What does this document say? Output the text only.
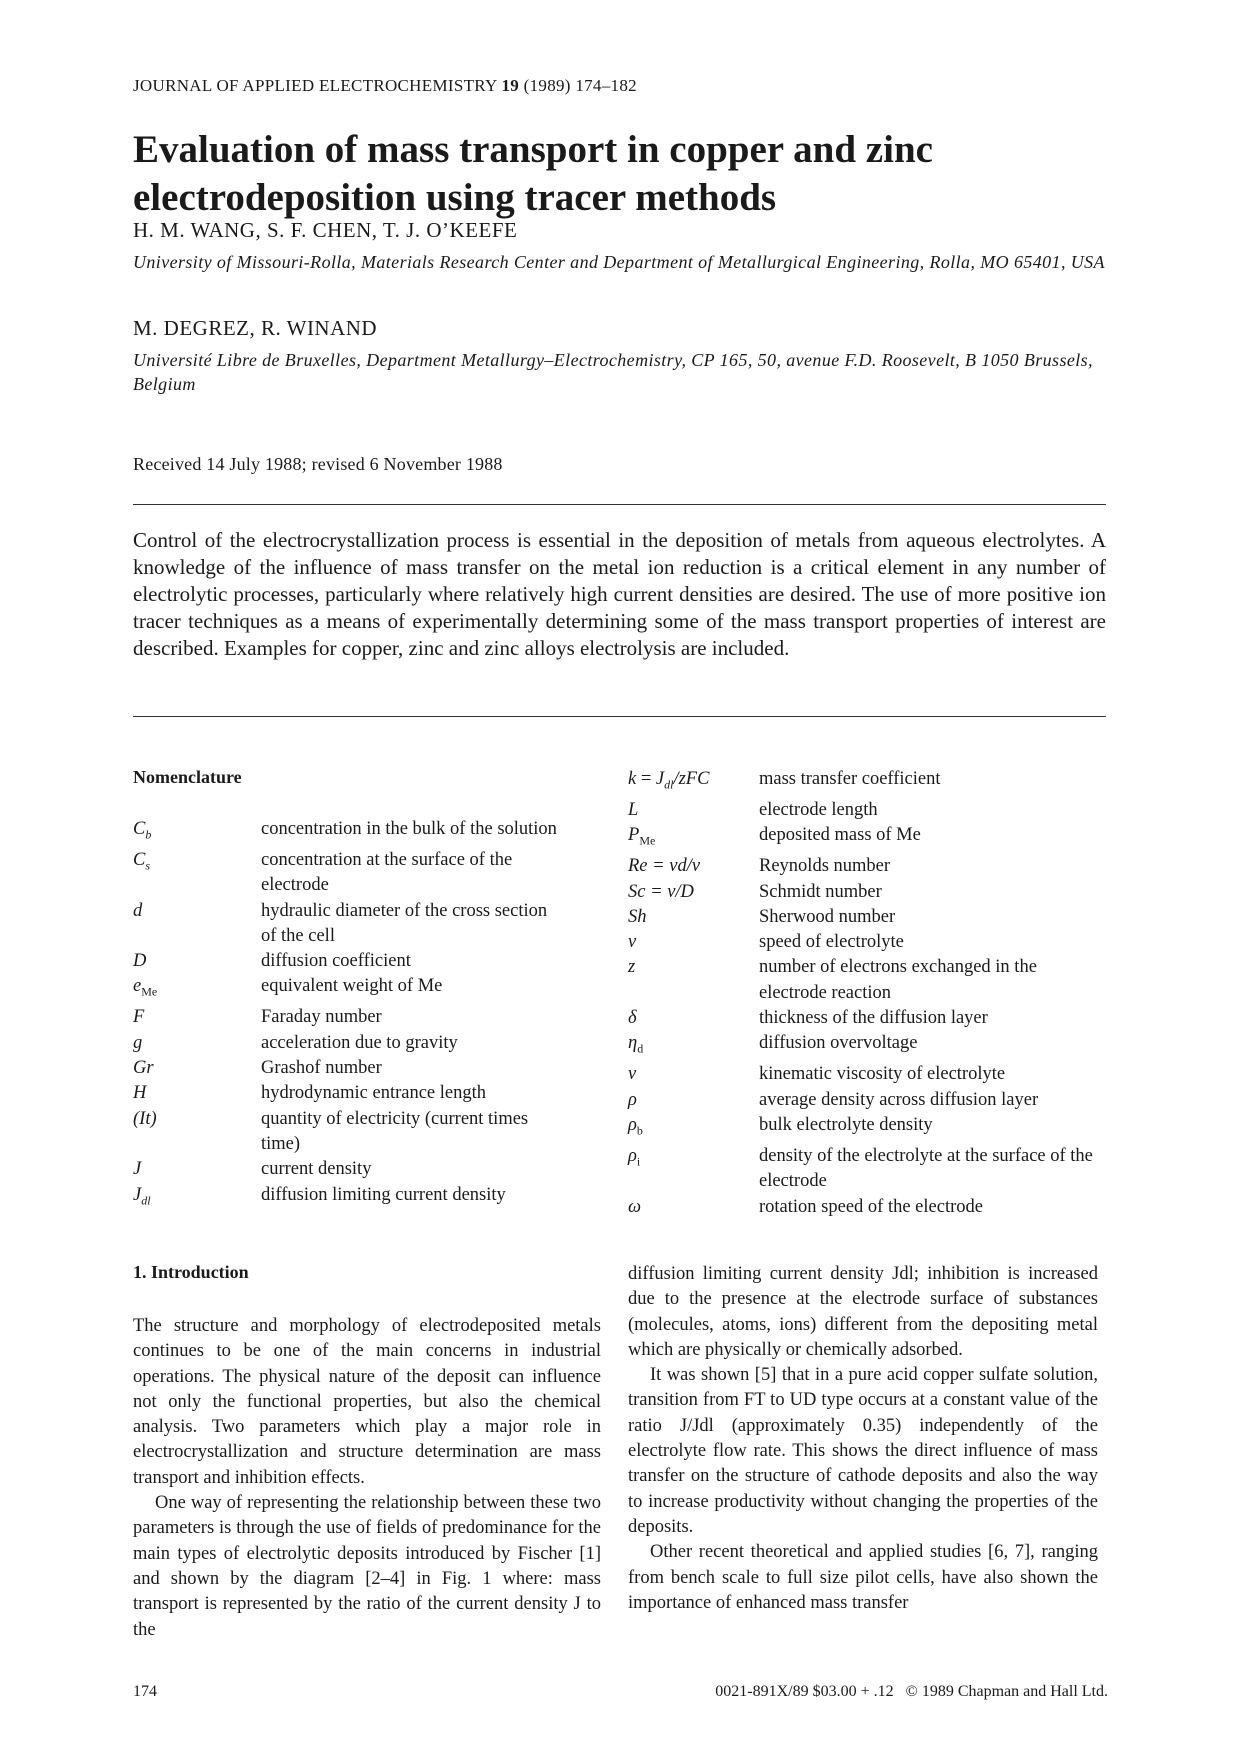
JOURNAL OF APPLIED ELECTROCHEMISTRY 19 (1989) 174–182
Evaluation of mass transport in copper and zinc electrodeposition using tracer methods
H. M. WANG, S. F. CHEN, T. J. O’KEEFE
University of Missouri-Rolla, Materials Research Center and Department of Metallurgical Engineering, Rolla, MO 65401, USA
M. DEGREZ, R. WINAND
Université Libre de Bruxelles, Department Metallurgy–Electrochemistry, CP 165, 50, avenue F.D. Roosevelt, B 1050 Brussels, Belgium
Received 14 July 1988; revised 6 November 1988
Control of the electrocrystallization process is essential in the deposition of metals from aqueous electrolytes. A knowledge of the influence of mass transfer on the metal ion reduction is a critical element in any number of electrolytic processes, particularly where relatively high current densities are desired. The use of more positive ion tracer techniques as a means of experimentally determining some of the mass transport properties of interest are described. Examples for copper, zinc and zinc alloys electrolysis are included.
Nomenclature
$C_b$	concentration in the bulk of the solution
$C_s$	concentration at the surface of the electrode
d	hydraulic diameter of the cross section of the cell
D	diffusion coefficient
$e_{Me}$	equivalent weight of Me
F	Faraday number
g	acceleration due to gravity
Gr	Grashof number
H	hydrodynamic entrance length
(It)	quantity of electricity (current times time)
J	current density
$J_{dl}$	diffusion limiting current density
$k = J_{dl}$/zFC	mass transfer coefficient
L	electrode length
$P_{Me}$	deposited mass of Me
Re = vd/ν	Reynolds number
Sc = ν/D	Schmidt number
Sh	Sherwood number
v	speed of electrolyte
z	number of electrons exchanged in the electrode reaction
δ	thickness of the diffusion layer
$\eta_d$	diffusion overvoltage
ν	kinematic viscosity of electrolyte
ρ	average density across diffusion layer
$\rho_b$	bulk electrolyte density
$\rho_i$	density of the electrolyte at the surface of the electrode
ω	rotation speed of the electrode
1. Introduction

The structure and morphology of electrodeposited metals continues to be one of the main concerns in industrial operations. The physical nature of the deposit can influence not only the functional properties, but also the chemical analysis. Two parameters which play a major role in electrocrystallization and structure determination are mass transport and inhibition effects.

One way of representing the relationship between these two parameters is through the use of fields of predominance for the main types of electrolytic deposits introduced by Fischer [1] and shown by the diagram [2–4] in Fig. 1 where: mass transport is represented by the ratio of the current density J to the

diffusion limiting current density Jdl; inhibition is increased due to the presence at the electrode surface of substances (molecules, atoms, ions) different from the depositing metal which are physically or chemically adsorbed.

It was shown [5] that in a pure acid copper sulfate solution, transition from FT to UD type occurs at a constant value of the ratio J/Jdl (approximately 0.35) independently of the electrolyte flow rate. This shows the direct influence of mass transfer on the structure of cathode deposits and also the way to increase productivity without changing the properties of the deposits.

Other recent theoretical and applied studies [6, 7], ranging from bench scale to full size pilot cells, have also shown the importance of enhanced mass transfer

174	0021-891X/89 $03.00 + .12 © 1989 Chapman and Hall Ltd.
